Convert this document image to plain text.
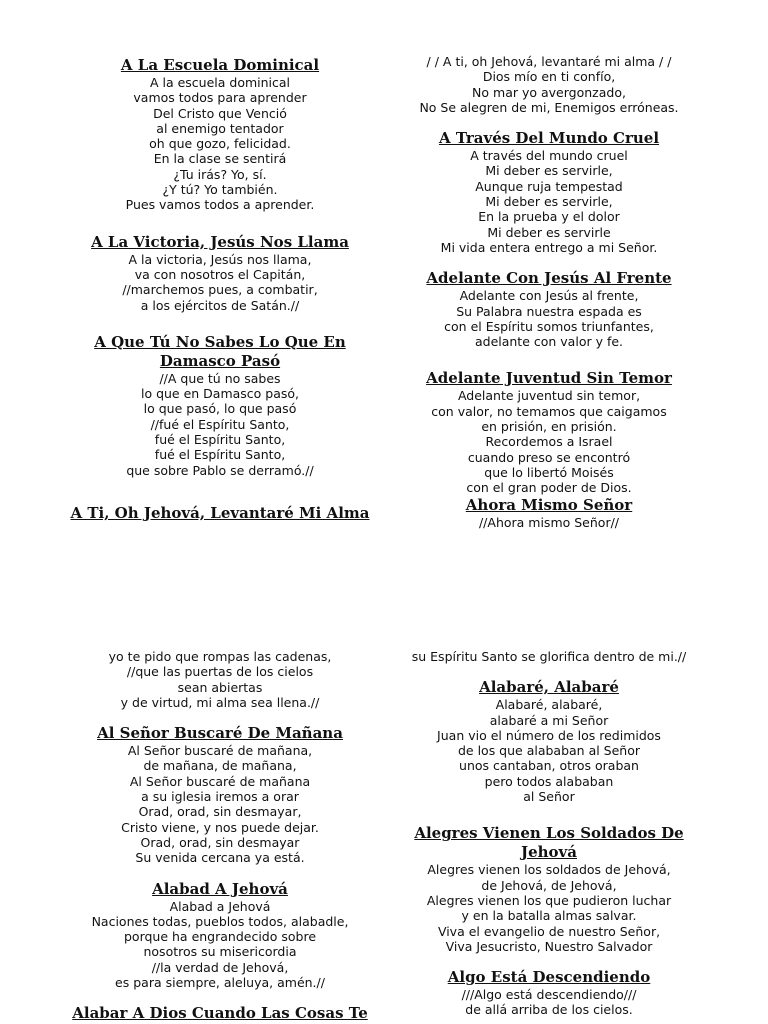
A La Escuela Dominical
A la escuela dominical
vamos todos para aprender
Del Cristo que Venció
al enemigo tentador
oh que gozo, felicidad.
En la clase se sentirá
¿Tu irás? Yo, sí.
¿Y tú? Yo también.
Pues vamos todos a aprender.
A La Victoria, Jesús Nos Llama
A la victoria, Jesús nos llama,
va con nosotros el Capitán,
//marchemos pues, a combatir,
a los ejércitos de Satán.//
A Que Tú No Sabes Lo Que En
Damasco Pasó
//A que tú no sabes
lo que en Damasco pasó,
lo que pasó, lo que pasó
//fué el Espíritu Santo,
fué el Espíritu Santo,
fué el Espíritu Santo,
que sobre Pablo se derramó.//
A Ti, Oh Jehová, Levantaré Mi Alma
/ / A ti, oh Jehová, levantaré mi alma / /
Dios mío en ti confío,
No mar yo avergonzado,
No Se alegren de mi, Enemigos erróneas.
A Través Del Mundo Cruel
A través del mundo cruel
Mi deber es servirle,
Aunque ruja tempestad
Mi deber es servirle,
En la prueba y el dolor
Mi deber es servirle
Mi vida entera entrego a mi Señor.
Adelante Con Jesús Al Frente
Adelante con Jesús al frente,
Su Palabra nuestra espada es
con el Espíritu somos triunfantes,
adelante con valor y fe.
Adelante Juventud Sin Temor
Adelante juventud sin temor,
con valor, no temamos que caigamos
en prisión, en prisión.
Recordemos a Israel
cuando preso se encontró
que lo libertó Moisés
con el gran poder de Dios.
Ahora Mismo Señor
//Ahora mismo Señor//
yo te pido que rompas las cadenas,
//que las puertas de los cielos
sean abiertas
y de virtud, mi alma sea llena.//
Al Señor Buscaré De Mañana
Al Señor buscaré de mañana,
de mañana, de mañana,
Al Señor buscaré de mañana
a su iglesia iremos a orar
Orad, orad, sin desmayar,
Cristo viene, y nos puede dejar.
Orad, orad, sin desmayar
Su venida cercana ya está.
Alabad A Jehová
Alabad a Jehová
Naciones todas, pueblos todos, alabadle,
porque ha engrandecido sobre
nosotros su misericordia
//la verdad de Jehová,
es para siempre, aleluya, amén.//
Alabar A Dios Cuando Las Cosas Te
su Espíritu Santo se glorifica dentro de mi.//
Alabaré, Alabaré
Alabaré, alabaré,
alabaré a mi Señor
Juan vio el número de los redimidos
de los que alababan al Señor
unos cantaban, otros oraban
pero todos alababan
al Señor
Alegres Vienen Los Soldados De
Jehová
Alegres vienen los soldados de Jehová,
de Jehová, de Jehová,
Alegres vienen los que pudieron luchar
y en la batalla almas salvar.
Viva el evangelio de nuestro Señor,
Viva Jesucristo, Nuestro Salvador
Algo Está Descendiendo
///Algo está descendiendo///
de allá arriba de los cielos.
